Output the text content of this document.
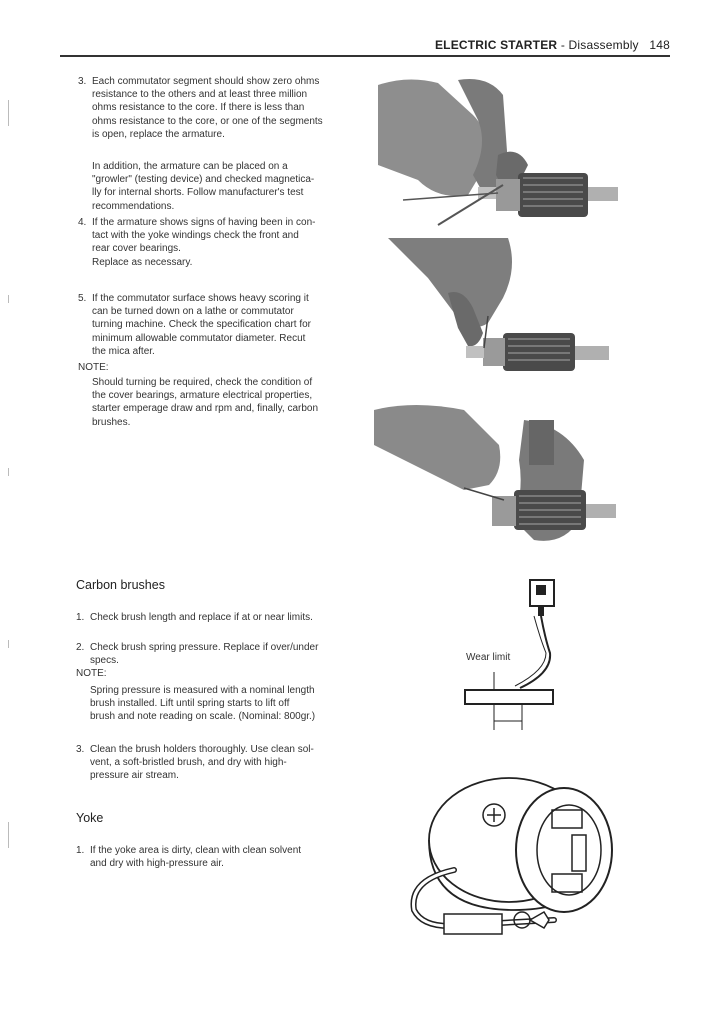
ELECTRIC STARTER - Disassembly 148
3. Each commutator segment should show zero ohms
resistance to the others and at least three million
ohms resistance to the core. If there is less than
ohms resistance to the core, or one of the segments
is open, replace the armature.
In addition, the armature can be placed on a
"growler" (testing device) and checked magnetica-
lly for internal shorts. Follow manufacturer's test
recommendations.
4. If the armature shows signs of having been in con-
tact with the yoke windings check the front and
rear cover bearings.
Replace as necessary.
5. If the commutator surface shows heavy scoring it
can be turned down on a lathe or commutator
turning machine. Check the specification chart for
minimum allowable commutator diameter. Recut
the mica after.
NOTE:
Should turning be required, check the condition of
the cover bearings, armature electrical properties,
starter emperage draw and rpm and, finally, carbon
brushes.
Carbon brushes
1. Check brush length and replace if at or near limits.
2. Check brush spring pressure. Replace if over/under
specs.
NOTE:
Spring pressure is measured with a nominal length
brush installed. Lift until spring starts to lift off
brush and note reading on scale. (Nominal: 800gr.)
3. Clean the brush holders thoroughly. Use clean sol-
vent, a soft-bristled brush, and dry with high-
pressure air stream.
Yoke
1. If the yoke area is dirty, clean with clean solvent
and dry with high-pressure air.
Wear limit
